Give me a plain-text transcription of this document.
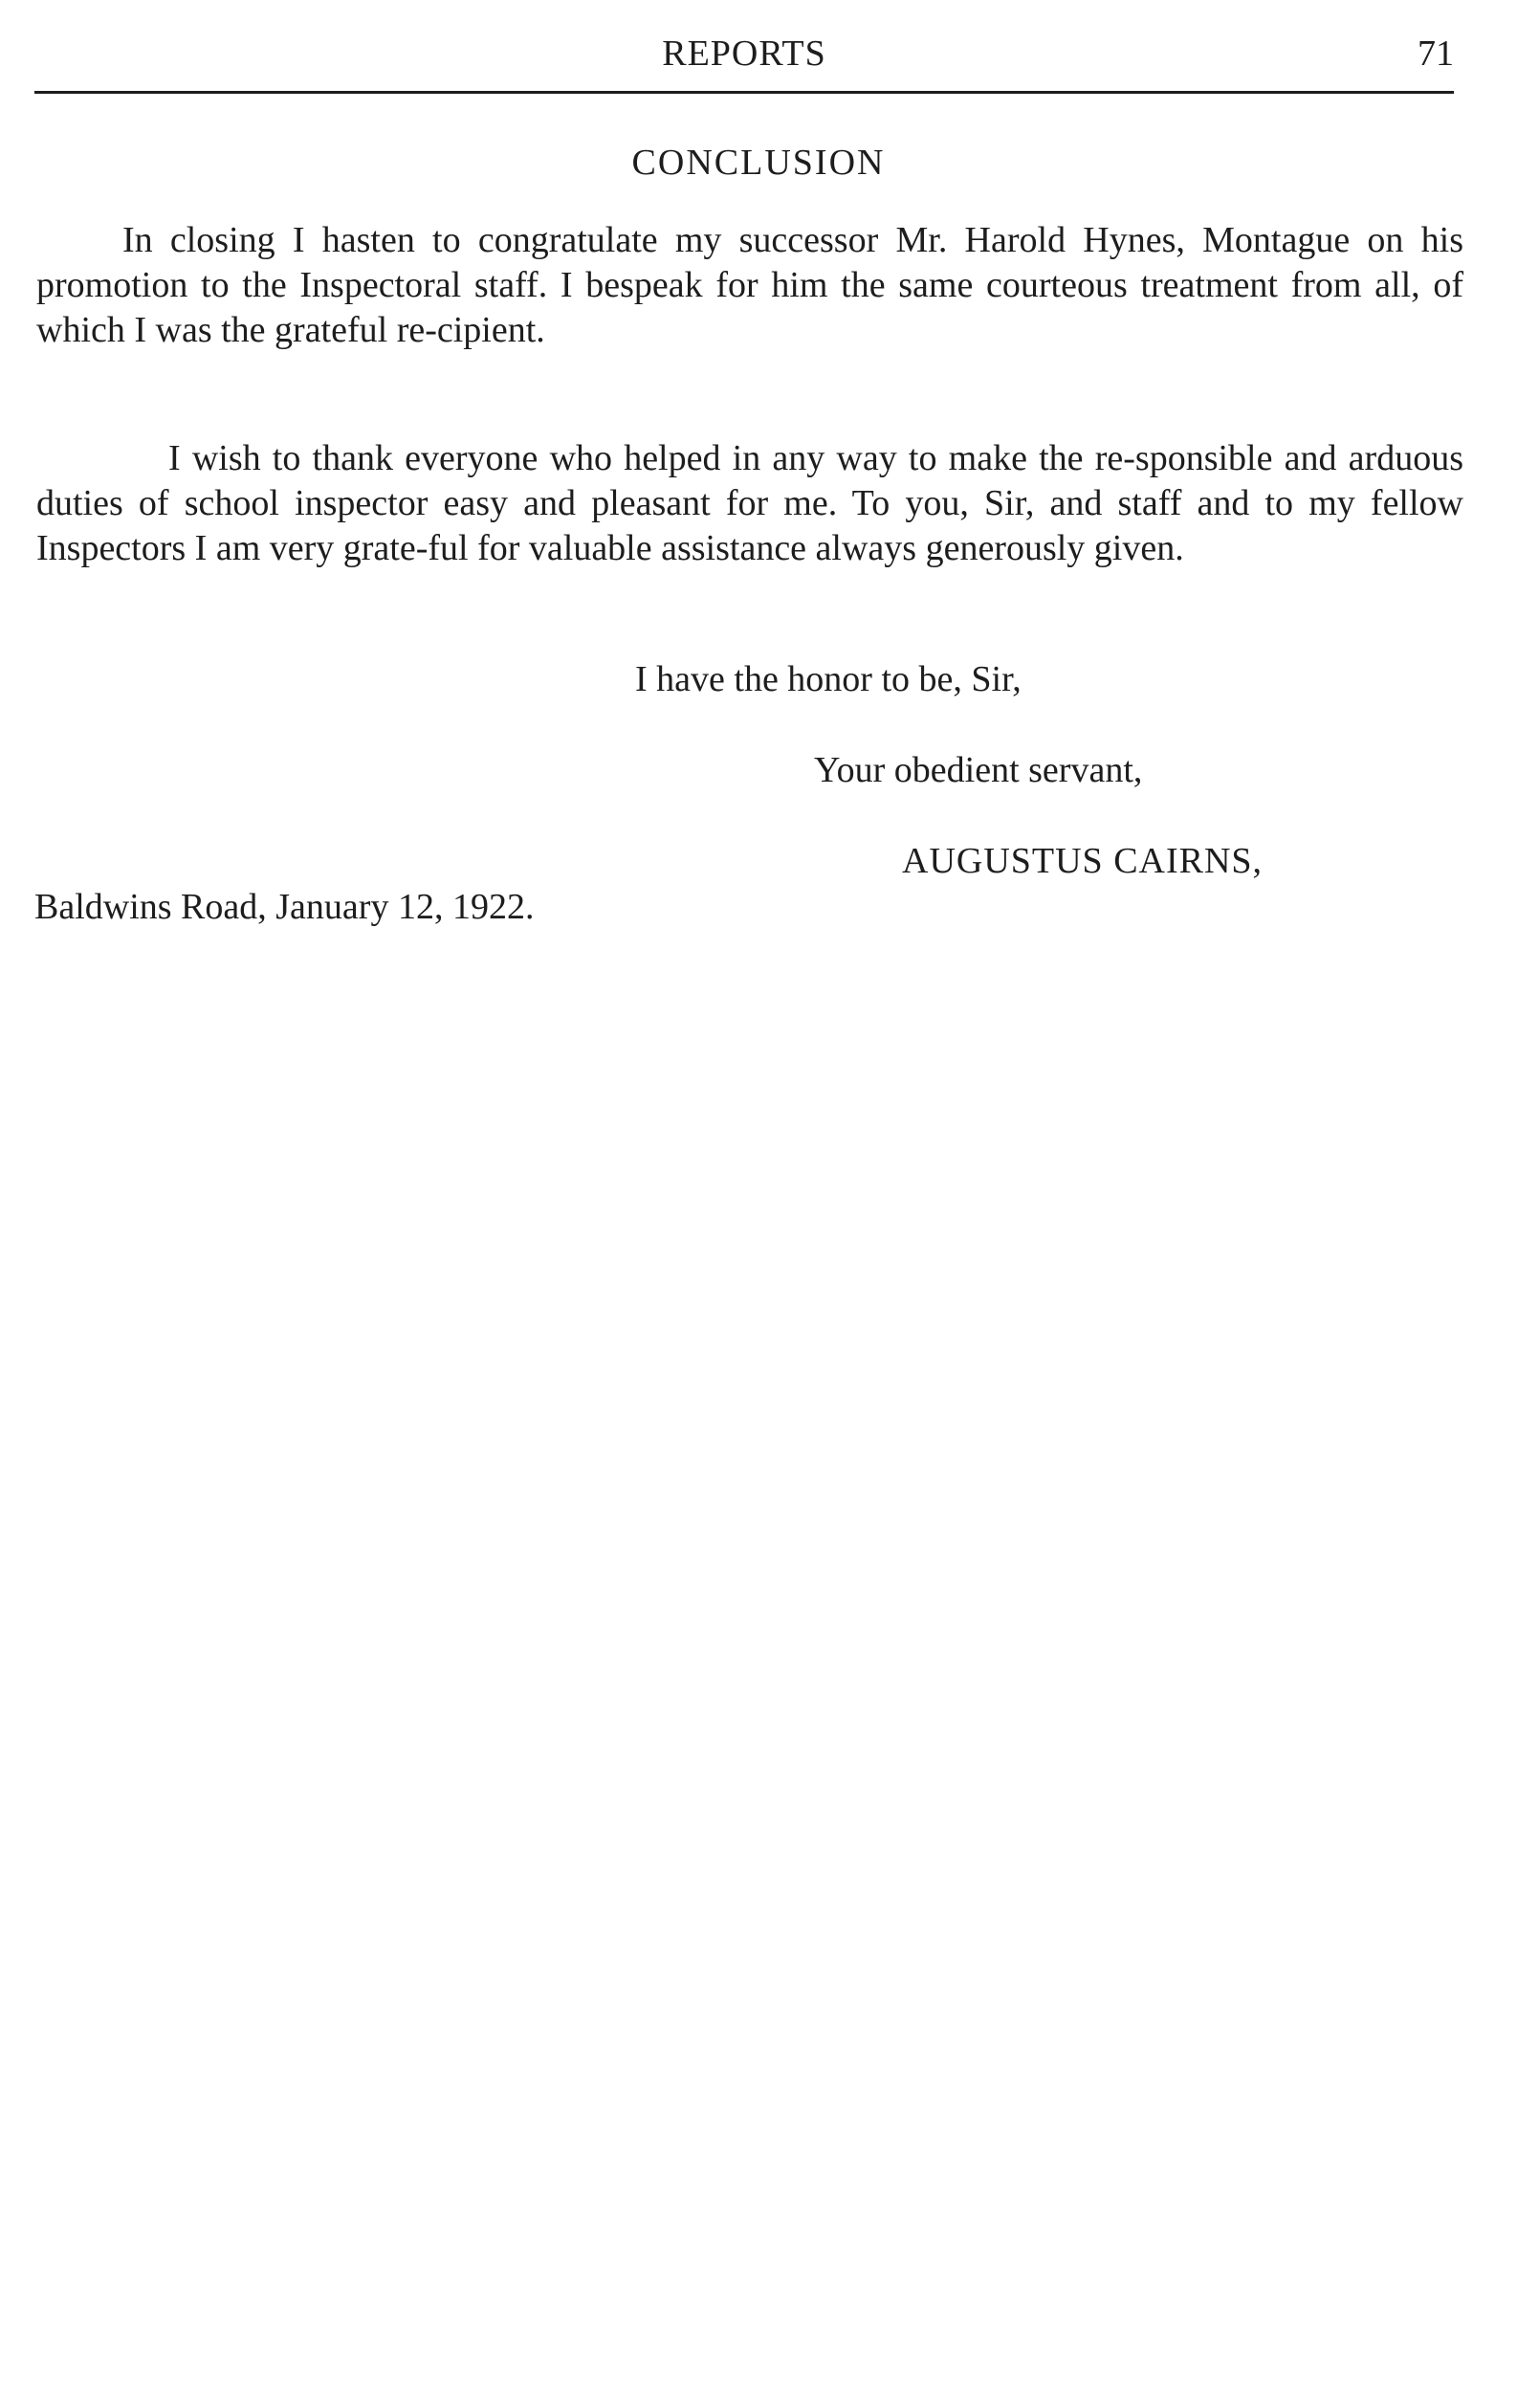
REPORTS	71
CONCLUSION

In closing I hasten to congratulate my successor Mr. Harold Hynes, Montague on his promotion to the Inspectoral staff. I bespeak for him the same courteous treatment from all, of which I was the grateful re-cipient.

I wish to thank everyone who helped in any way to make the re-sponsible and arduous duties of school inspector easy and pleasant for me. To you, Sir, and staff and to my fellow Inspectors I am very grate-ful for valuable assistance always generously given.

I have the honor to be, Sir,
Your obedient servant,
AUGUSTUS CAIRNS,
Baldwins Road, January 12, 1922.
